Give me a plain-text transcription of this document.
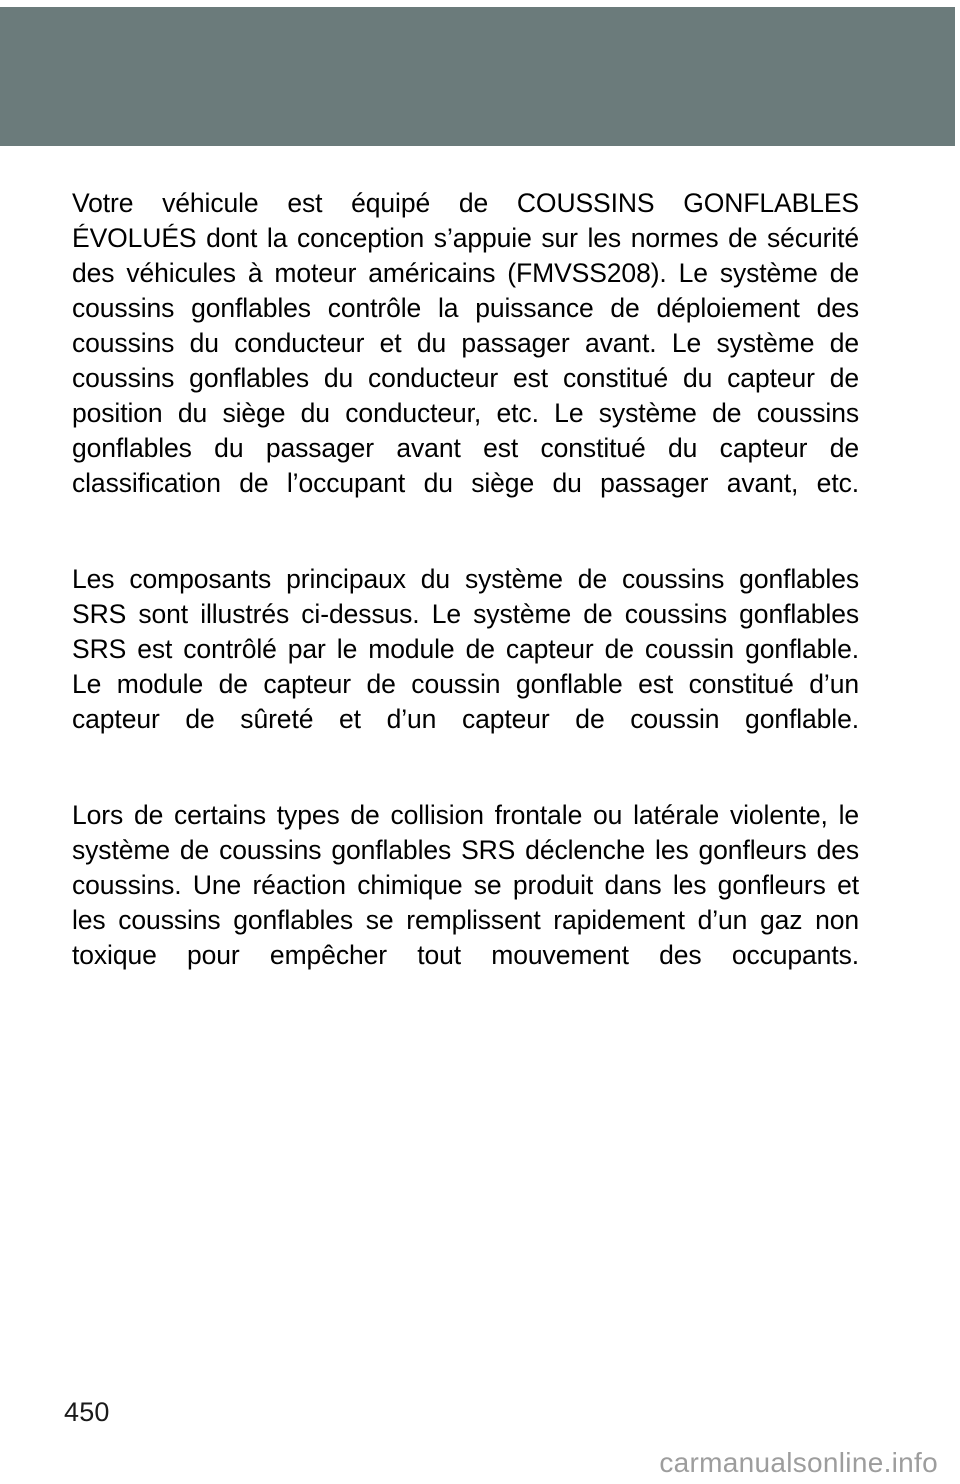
Votre véhicule est équipé de COUSSINS GONFLABLES ÉVOLUÉS dont la conception s’appuie sur les normes de sécurité des véhicules à moteur américains (FMVSS208). Le système de coussins gonflables contrôle la puissance de déploiement des coussins du conducteur et du passager avant. Le système de coussins gonflables du conducteur est constitué du capteur de position du siège du conducteur, etc. Le système de coussins gonflables du passager avant est constitué du capteur de classification de l’occupant du siège du passager avant, etc.

Les composants principaux du système de coussins gonflables SRS sont illustrés ci-dessus. Le système de coussins gonflables SRS est contrôlé par le module de capteur de coussin gonflable. Le module de capteur de coussin gonflable est constitué d’un capteur de sûreté et d’un capteur de coussin gonflable.

Lors de certains types de collision frontale ou latérale violente, le système de coussins gonflables SRS déclenche les gonfleurs des coussins. Une réaction chimique se produit dans les gonfleurs et les coussins gonflables se remplissent rapidement d’un gaz non toxique pour empêcher tout mouvement des occupants.

450
carmanualsonline.info
